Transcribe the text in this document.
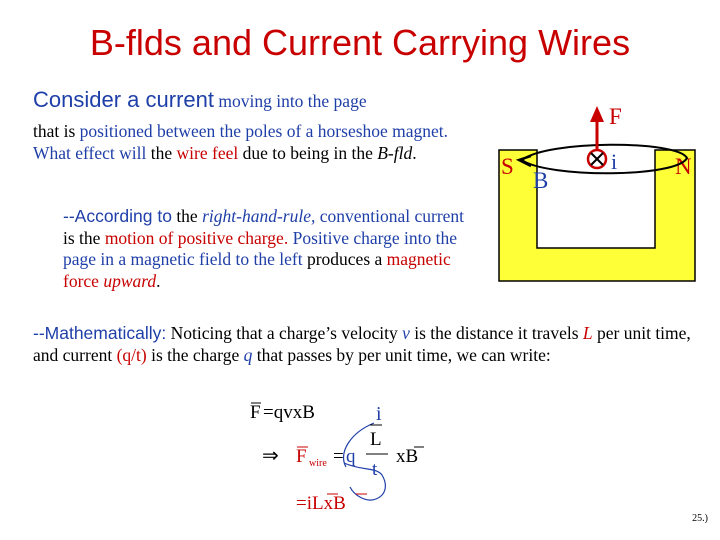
B-flds and Current Carrying Wires
Consider a current moving into the page
that is positioned between the poles of a horseshoe magnet. What effect will the wire feel due to being in the B-fld.
--According to the right-hand-rule, conventional current is the motion of positive charge. Positive charge into the page in a magnetic field to the left produces a magnetic force upward.
--Mathematically: Noticing that a charge’s velocity v is the distance it travels L per unit time, and current (q/t) is the charge q that passes by per unit time, we can write:
F =qvxB	i
⇒ F wire = q
L
t
xB
=iLxB
S	N
B
F
i
25.)
